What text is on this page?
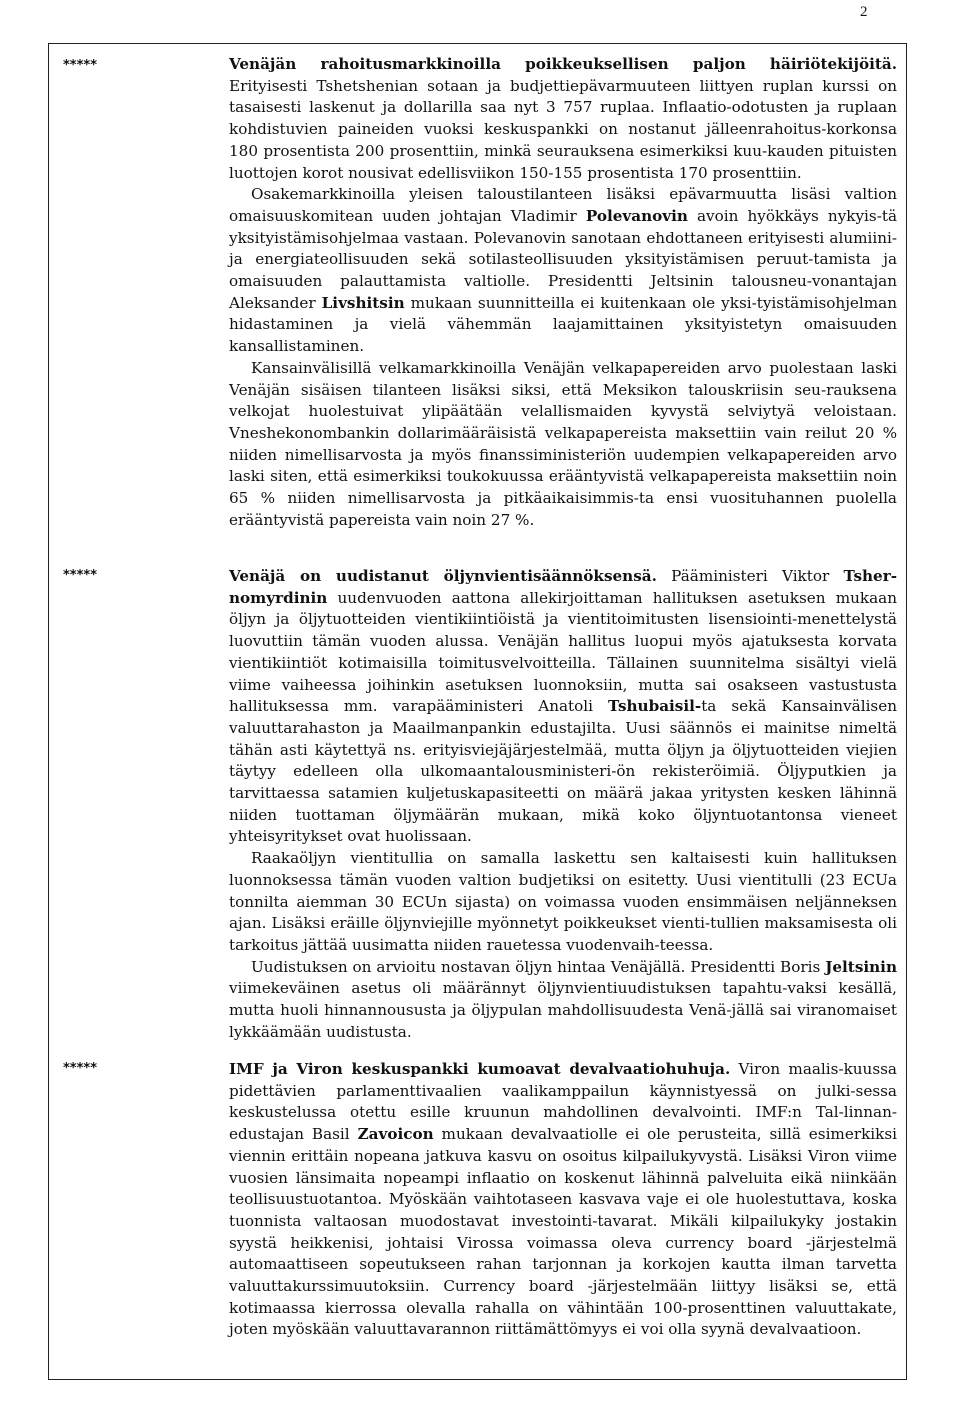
2
*****	Venäjän rahoitusmarkkinoilla poikkeuksellisen paljon häiriötekijöitä. Erityisesti Tshetshenian sotaan ja budjettiepävarmuuteen liittyen ruplan kurssi on tasaisesti laskenut ja dollarilla saa nyt 3 757 ruplaa. Inflaatio-odotusten ja ruplaan kohdistuvien paineiden vuoksi keskuspankki on nostanut jälleenrahoitus-korkonsa 180 prosentista 200 prosenttiin, minkä seurauksena esimerkiksi kuu-kauden pituisten luottojen korot nousivat edellisviikon 150-155 prosentista 170 prosenttiin.

Osakemarkkinoilla yleisen taloustilanteen lisäksi epävarmuutta lisäsi valtion omaisuuskomitean uuden johtajan Vladimir Polevanovin avoin hyökkäys nykyis-tä yksityistämisohjelmaa vastaan. Polevanovin sanotaan ehdottaneen erityisesti alumiini- ja energiateollisuuden sekä sotilasteollisuuden yksityistämisen peruut-tamista ja omaisuuden palauttamista valtiolle. Presidentti Jeltsinin talousneu-vonantajan Aleksander Livshitsin mukaan suunnitteilla ei kuitenkaan ole yksi-tyistämisohjelman hidastaminen ja vielä vähemmän laajamittainen yksityistetyn omaisuuden kansallistaminen.

Kansainvälisillä velkamarkkinoilla Venäjän velkapapereiden arvo puolestaan laski Venäjän sisäisen tilanteen lisäksi siksi, että Meksikon talouskriisin seu-rauksena velkojat huolestuivat ylipäätään velallismaiden kyvystä selviytyä veloistaan. Vneshekonombankin dollarimääräisistä velkapapereista maksettiin vain reilut 20 % niiden nimellisarvosta ja myös finanssiministeriön uudempien velkapapereiden arvo laski siten, että esimerkiksi toukokuussa erääntyvistä velkapapereista maksettiin noin 65 % niiden nimellisarvosta ja pitkäaikaisimmis-ta ensi vuosituhannen puolella erääntyvistä papereista vain noin 27 %.

*****	Venäjä on uudistanut öljynvientisäännöksensä. Pääministeri Viktor Tsher-nomyrdinin uudenvuoden aattona allekirjoittaman hallituksen asetuksen mukaan öljyn ja öljytuotteiden vientikiintiöistä ja vientitoimitusten lisensiointi-menettelystä luovuttiin tämän vuoden alussa. Venäjän hallitus luopui myös ajatuksesta korvata vientikiintiöt kotimaisilla toimitusvelvoitteilla. Tällainen suunnitelma sisältyi vielä viime vaiheessa joihinkin asetuksen luonnoksiin, mutta sai osakseen vastustusta hallituksessa mm. varapääministeri Anatoli Tshubaisil-ta sekä Kansainvälisen valuuttarahaston ja Maailmanpankin edustajilta. Uusi säännös ei mainitse nimeltä tähän asti käytettyä ns. erityisviejäjärjestelmää, mutta öljyn ja öljytuotteiden viejien täytyy edelleen olla ulkomaantalousministeri-ön rekisteröimiä. Öljyputkien ja tarvittaessa satamien kuljetuskapasiteetti on määrä jakaa yritysten kesken lähinnä niiden tuottaman öljymäärän mukaan, mikä koko öljyntuotantonsa vieneet yhteisyritykset ovat huolissaan.

Raakaöljyn vientitullia on samalla laskettu sen kaltaisesti kuin hallituksen luonnoksessa tämän vuoden valtion budjetiksi on esitetty. Uusi vientitulli (23 ECUa tonnilta aiemman 30 ECUn sijasta) on voimassa vuoden ensimmäisen neljänneksen ajan. Lisäksi eräille öljynviejille myönnetyt poikkeukset vienti-tullien maksamisesta oli tarkoitus jättää uusimatta niiden rauetessa vuodenvaih-teessa.

Uudistuksen on arvioitu nostavan öljyn hintaa Venäjällä. Presidentti Boris Jeltsinin viimekeväinen asetus oli määrännyt öljynvientiuudistuksen tapahtu-vaksi kesällä, mutta huoli hinnannoususta ja öljypulan mahdollisuudesta Venä-jällä sai viranomaiset lykkäämään uudistusta.

*****	IMF ja Viron keskuspankki kumoavat devalvaatiohuhuja. Viron maalis-kuussa pidettävien parlamenttivaalien vaalikamppailun käynnistyessä on julki-sessa keskustelussa otettu esille kruunun mahdollinen devalvointi. IMF:n Tal-linnan-edustajan Basil Zavoicon mukaan devalvaatiolle ei ole perusteita, sillä esimerkiksi viennin erittäin nopeana jatkuva kasvu on osoitus kilpailukyvystä. Lisäksi Viron viime vuosien länsimaita nopeampi inflaatio on koskenut lähinnä palveluita eikä niinkään teollisuustuotantoa. Myöskään vaihtotaseen kasvava vaje ei ole huolestuttava, koska tuonnista valtaosan muodostavat investointi-tavarat. Mikäli kilpailukyky jostakin syystä heikkenisi, johtaisi Virossa voimassa oleva currency board -järjestelmä automaattiseen sopeutukseen rahan tarjonnan ja korkojen kautta ilman tarvetta valuuttakurssimuutoksiin. Currency board -järjestelmään liittyy lisäksi se, että kotimaassa kierrossa olevalla rahalla on vähintään 100-prosenttinen valuuttakate, joten myöskään valuuttavarannon riittämättömyys ei voi olla syynä devalvaatioon.
